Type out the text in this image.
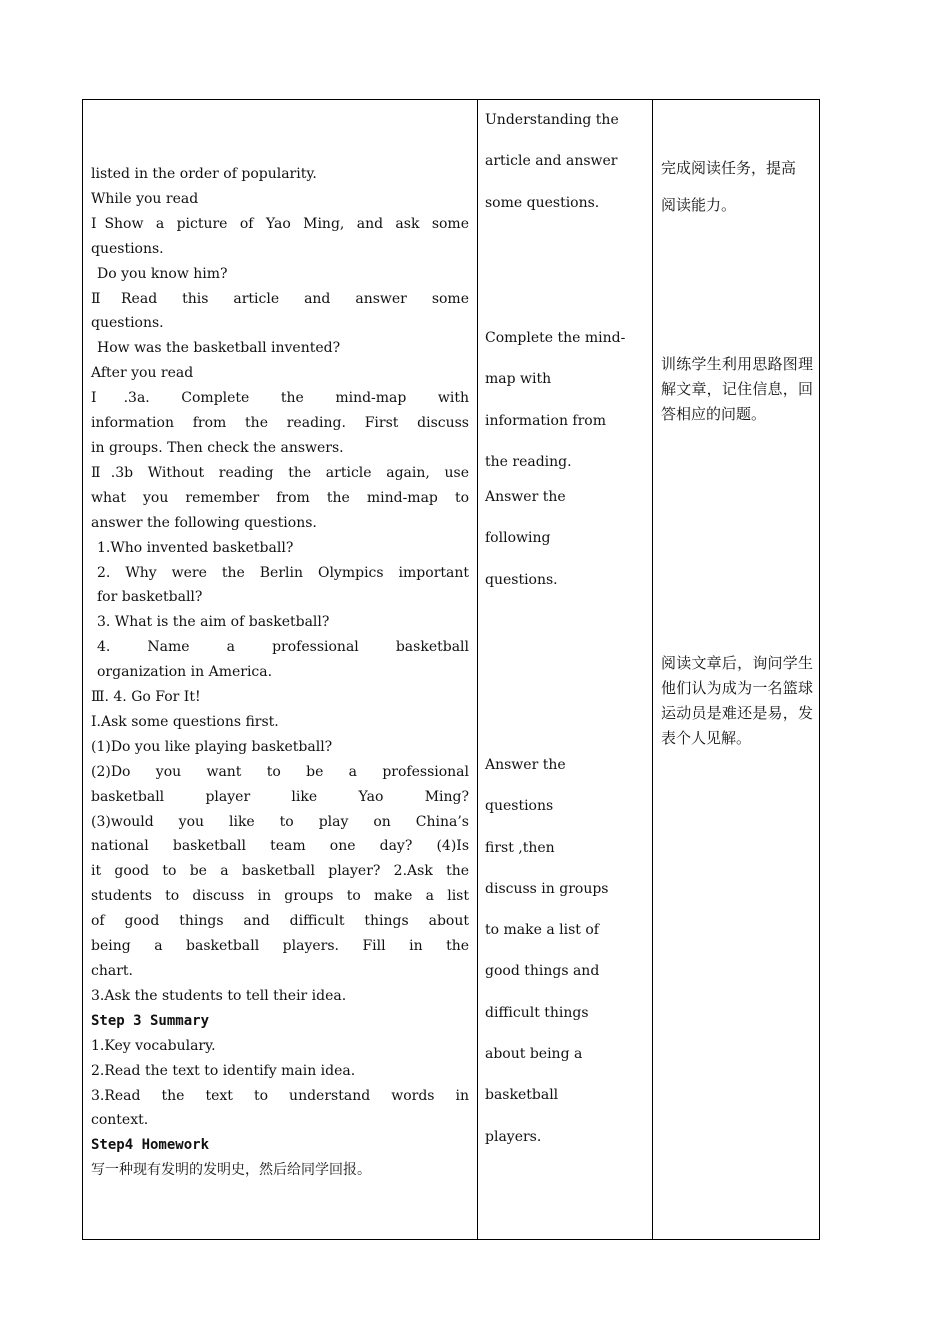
listed in the order of popularity.
While you read
ⅠShow a picture of Yao Ming, and ask some
questions.
Do you know him?
ⅡRead this article and answer some
questions.
How was the basketball invented?
After you read
Ⅰ.3a. Complete the mind-map with
information from the reading. First discuss
in groups. Then check the answers.
Ⅱ.3b Without reading the article again, use
what you remember from the mind-map to
answer the following questions.
1.Who invented basketball?
2. Why were the Berlin Olympics important
for basketball?
3. What is the aim of basketball?
4. Name a professional basketball
organization in America.
Ⅲ. 4. Go For It!
Ⅰ.Ask some questions first.
(1)Do you like playing basketball?
(2)Do you want to be a professional
basketball player like Yao Ming?
(3)would you like to play on China’s
national basketball team one day? (4)Is
it good to be a basketball player? 2.Ask the
students to discuss in groups to make a list
of good things and difficult things about
being a basketball players. Fill in the
chart.
3.Ask the students to tell their idea.
Step 3 Summary
1.Key vocabulary.
2.Read the text to identify main idea.
3.Read the text to understand words in
context.
Step4 Homework
写一种现有发明的发明史，然后给同学回报。
Understanding the
article and answer
some questions.
Complete the mind-
map with
information from
the reading.
Answer the
following
questions.
Answer the
questions
first ,then
discuss in groups
to make a list of
good things and
difficult things
about being a
basketball
players.
完成阅读任务，提高
阅读能力。
训练学生利用思路图理解文章，记住信息，回答相应的问题。
阅读文章后，询问学生他们认为成为一名篮球运动员是难还是易，发表个人见解。
